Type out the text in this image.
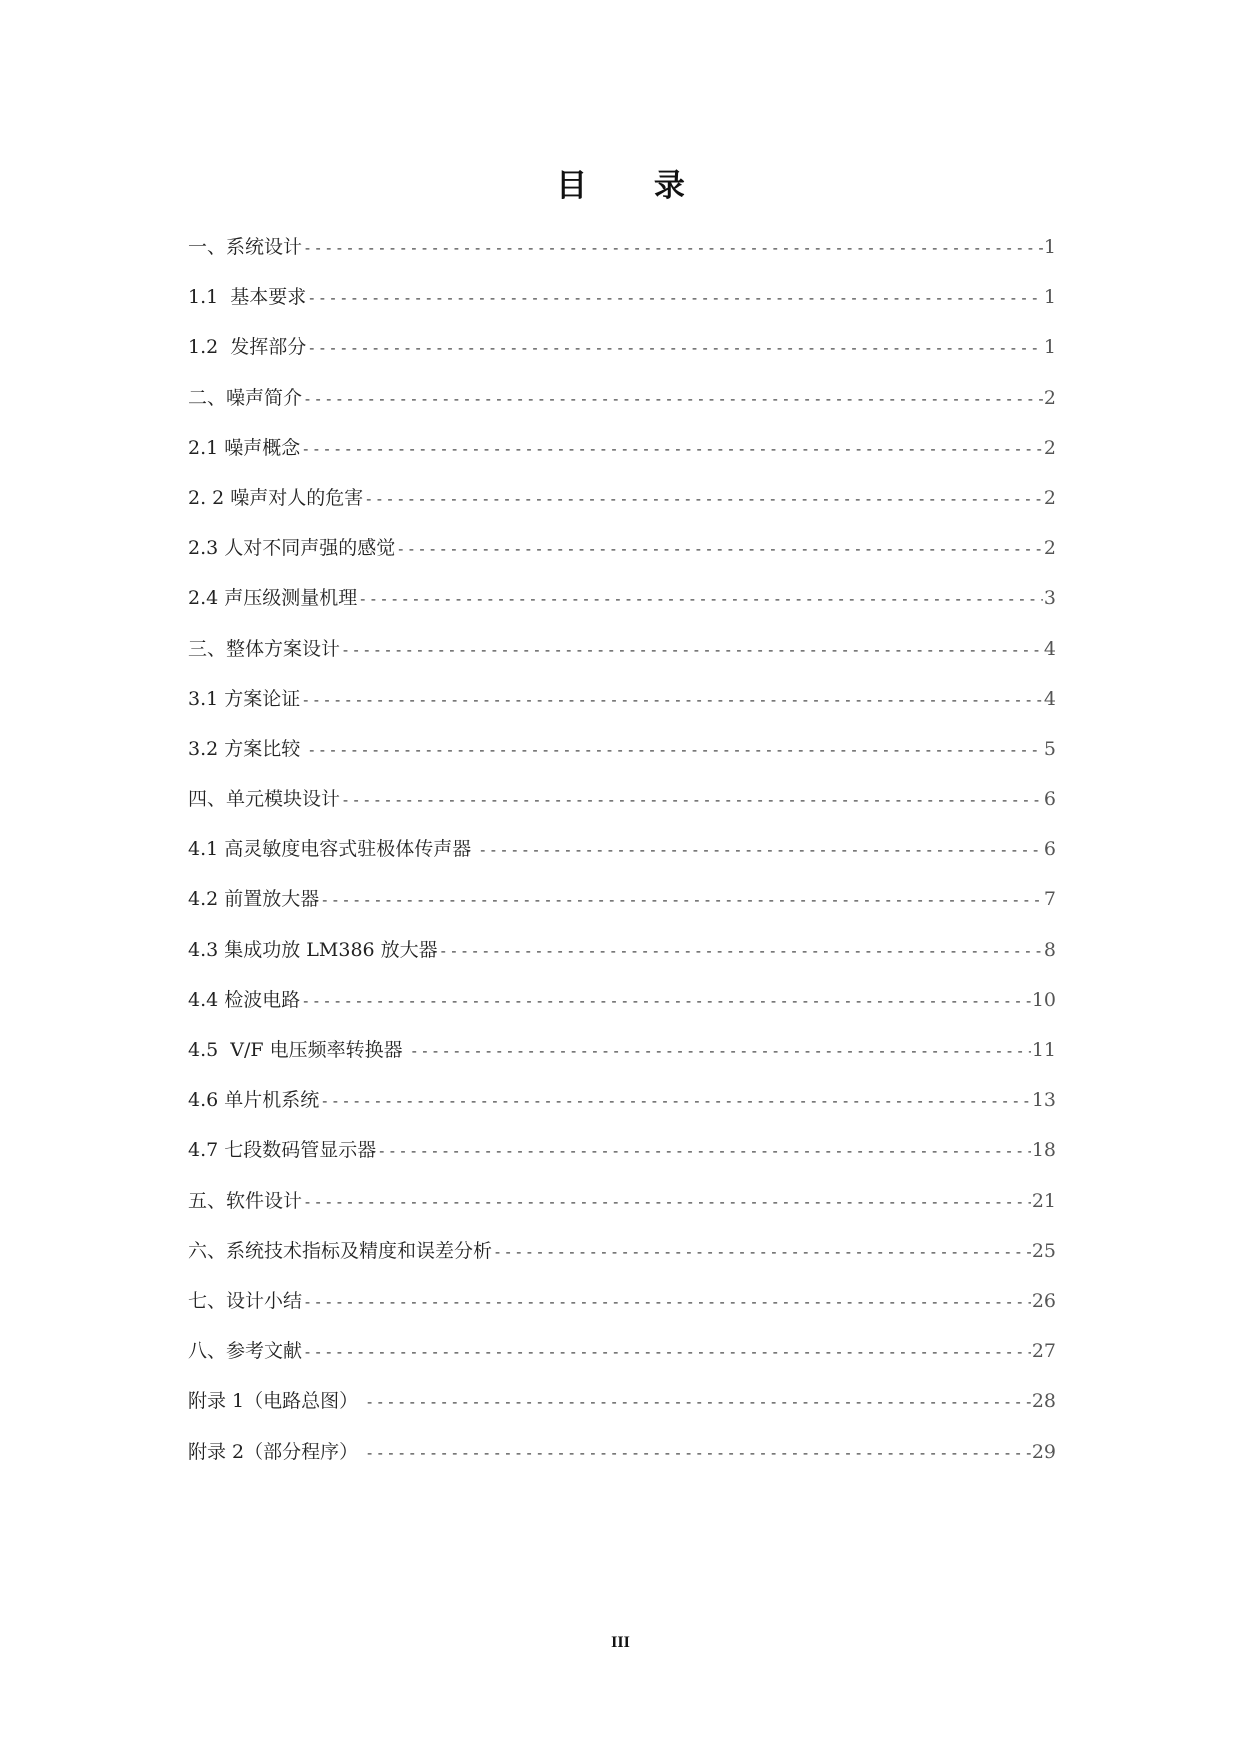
目 录
一、系统设计 -----	1
1.1  基本要求 -----	1
1.2  发挥部分 -----	1
二、噪声简介 -----	2
2.1 噪声概念 -----	2
2. 2 噪声对人的危害 -----	2
2.3 人对不同声强的感觉 -----	2
2.4 声压级测量机理 -----	3
三、整体方案设计 -----	4
3.1 方案论证 -----	4
3.2 方案比较 -----	5
四、单元模块设计 -----	6
4.1 高灵敏度电容式驻极体传声器 -----	6
4.2 前置放大器 -----	7
4.3 集成功放 LM386 放大器 -----	8
4.4 检波电路 -----	10
4.5  V/F 电压频率转换器 -----	11
4.6 单片机系统 -----	13
4.7 七段数码管显示器 -----	18
五、软件设计 -----	21
六、系统技术指标及精度和误差分析 -----	25
七、设计小结 -----	26
八、参考文献 -----	27
附录 1（电路总图） -----	28
附录 2（部分程序） -----	29
III
